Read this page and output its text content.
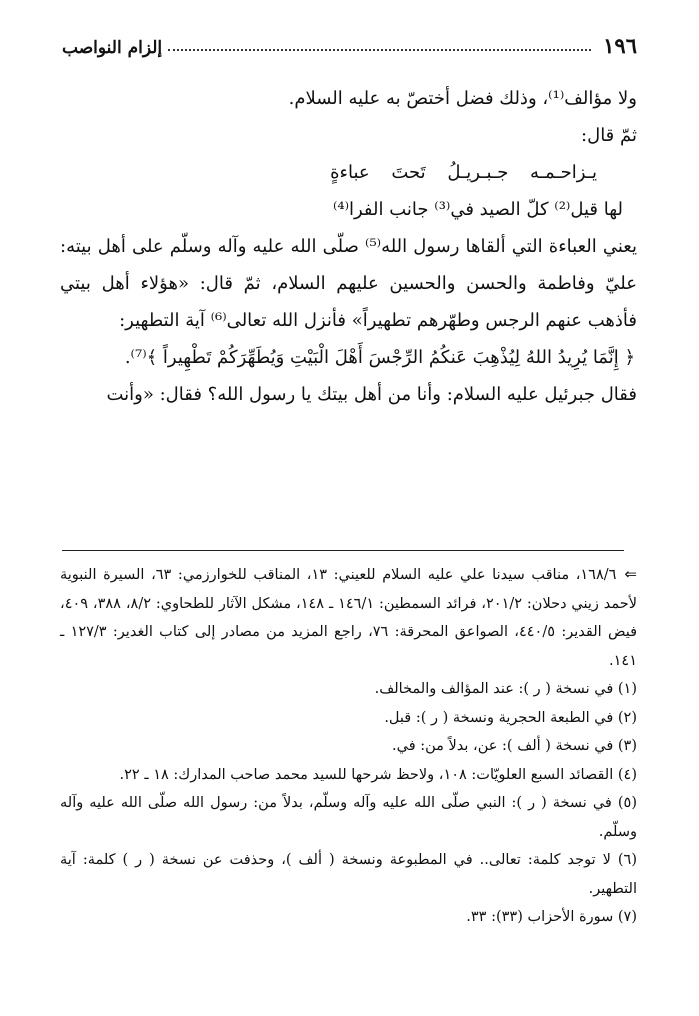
١٩٦
إلزام النواصب

ولا مؤالف⁽¹⁾، وذلك فضل أختصّ به عليه السلام.

ثمّ قال:

يـزاحـمـه جـبـريـلُ تَحتَ عباءةٍ

لها قيل⁽²⁾ كلّ الصيد في⁽³⁾ جانب الفرا⁽⁴⁾

يعني العباءة التي ألقاها رسول الله⁽⁵⁾ صلّى الله عليه وآله وسلّم على أهل بيته: عليّ وفاطمة والحسن والحسين عليهم السلام، ثمّ قال: «هؤلاء أهل بيتي فأذهب عنهم الرجس وطهّرهم تطهيراً» فأنزل الله تعالى⁽⁶⁾ آية التطهير:

﴿ إِنَّمَا يُرِيدُ اللهُ لِيُذْهِبَ عَنكُمُ الرِّجْسَ أَهْلَ الْبَيْتِ وَيُطَهِّرَكُمْ تَطْهِيراً ﴾⁽⁷⁾.

فقال جبرئيل عليه السلام: وأنا من أهل بيتك يا رسول الله؟ فقال: «وأنت

⇐١٦٨/٦، مناقب سيدنا علي عليه السلام للعيني: ١٣، المناقب للخوارزمي: ٦٣، السيرة النبوية لأحمد زيني دحلان: ٢٠١/٢، فرائد السمطين: ١٤٦/١ ـ ١٤٨، مشكل الآثار للطحاوي: ٨/٢، ٣٨٨، ٤٠٩، فيض القدير: ٤٤٠/٥، الصواعق المحرقة: ٧٦، راجع المزيد من مصادر إلى كتاب الغدير: ١٢٧/٣ ـ ١٤١.

(١) في نسخة ( ر ): عند المؤالف والمخالف.

(٢) في الطبعة الحجرية ونسخة ( ر ): قبل.

(٣) في نسخة ( ألف ): عن، بدلاً من: في.

(٤) القصائد السبع العلويّات: ١٠٨، ولاحظ شرحها للسيد محمد صاحب المدارك: ١٨ ـ ٢٢.

(٥) في نسخة ( ر ): النبي صلّى الله عليه وآله وسلّم، بدلاً من: رسول الله صلّى الله عليه وآله وسلّم.

(٦) لا توجد كلمة: تعالى.. في المطبوعة ونسخة ( ألف )، وحذفت عن نسخة ( ر ) كلمة: آية التطهير.

(٧) سورة الأحزاب (٣٣): ٣٣.
